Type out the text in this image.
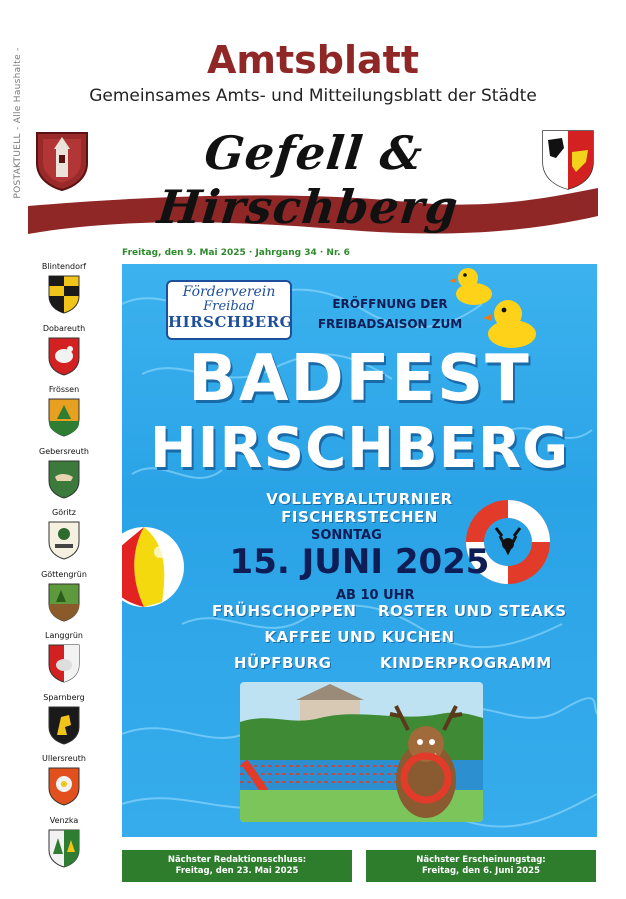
POSTAKTUELL - Alle Haushalte -	Amtsblatt
Gemeinsames Amts- und Mitteilungsblatt der Städte
Gefell & Hirschberg
Freitag, den 9. Mai 2025 · Jahrgang 34 · Nr. 6
Blintendorf
Dobareuth
Frössen
Gebersreuth
Göritz
Göttengrün
Langgrün
Sparnberg
Ullersreuth
Venzka
Förderverein
Freibad
HIRSCHBERG
ERÖFFNUNG DER
FREIBADSAISON ZUM
BADFEST
HIRSCHBERG
VOLLEYBALLTURNIER
FISCHERSTECHEN
SONNTAG
15. JUNI 2025
AB 10 UHR
FRÜHSCHOPPEN ROSTER UND STEAKS
KAFFEE UND KUCHEN
HÜPFBURG	KINDERPROGRAMM
Nächster Redaktionsschluss:
Freitag, den 23. Mai 2025
Nächster Erscheinungstag:
Freitag, den 6. Juni 2025
